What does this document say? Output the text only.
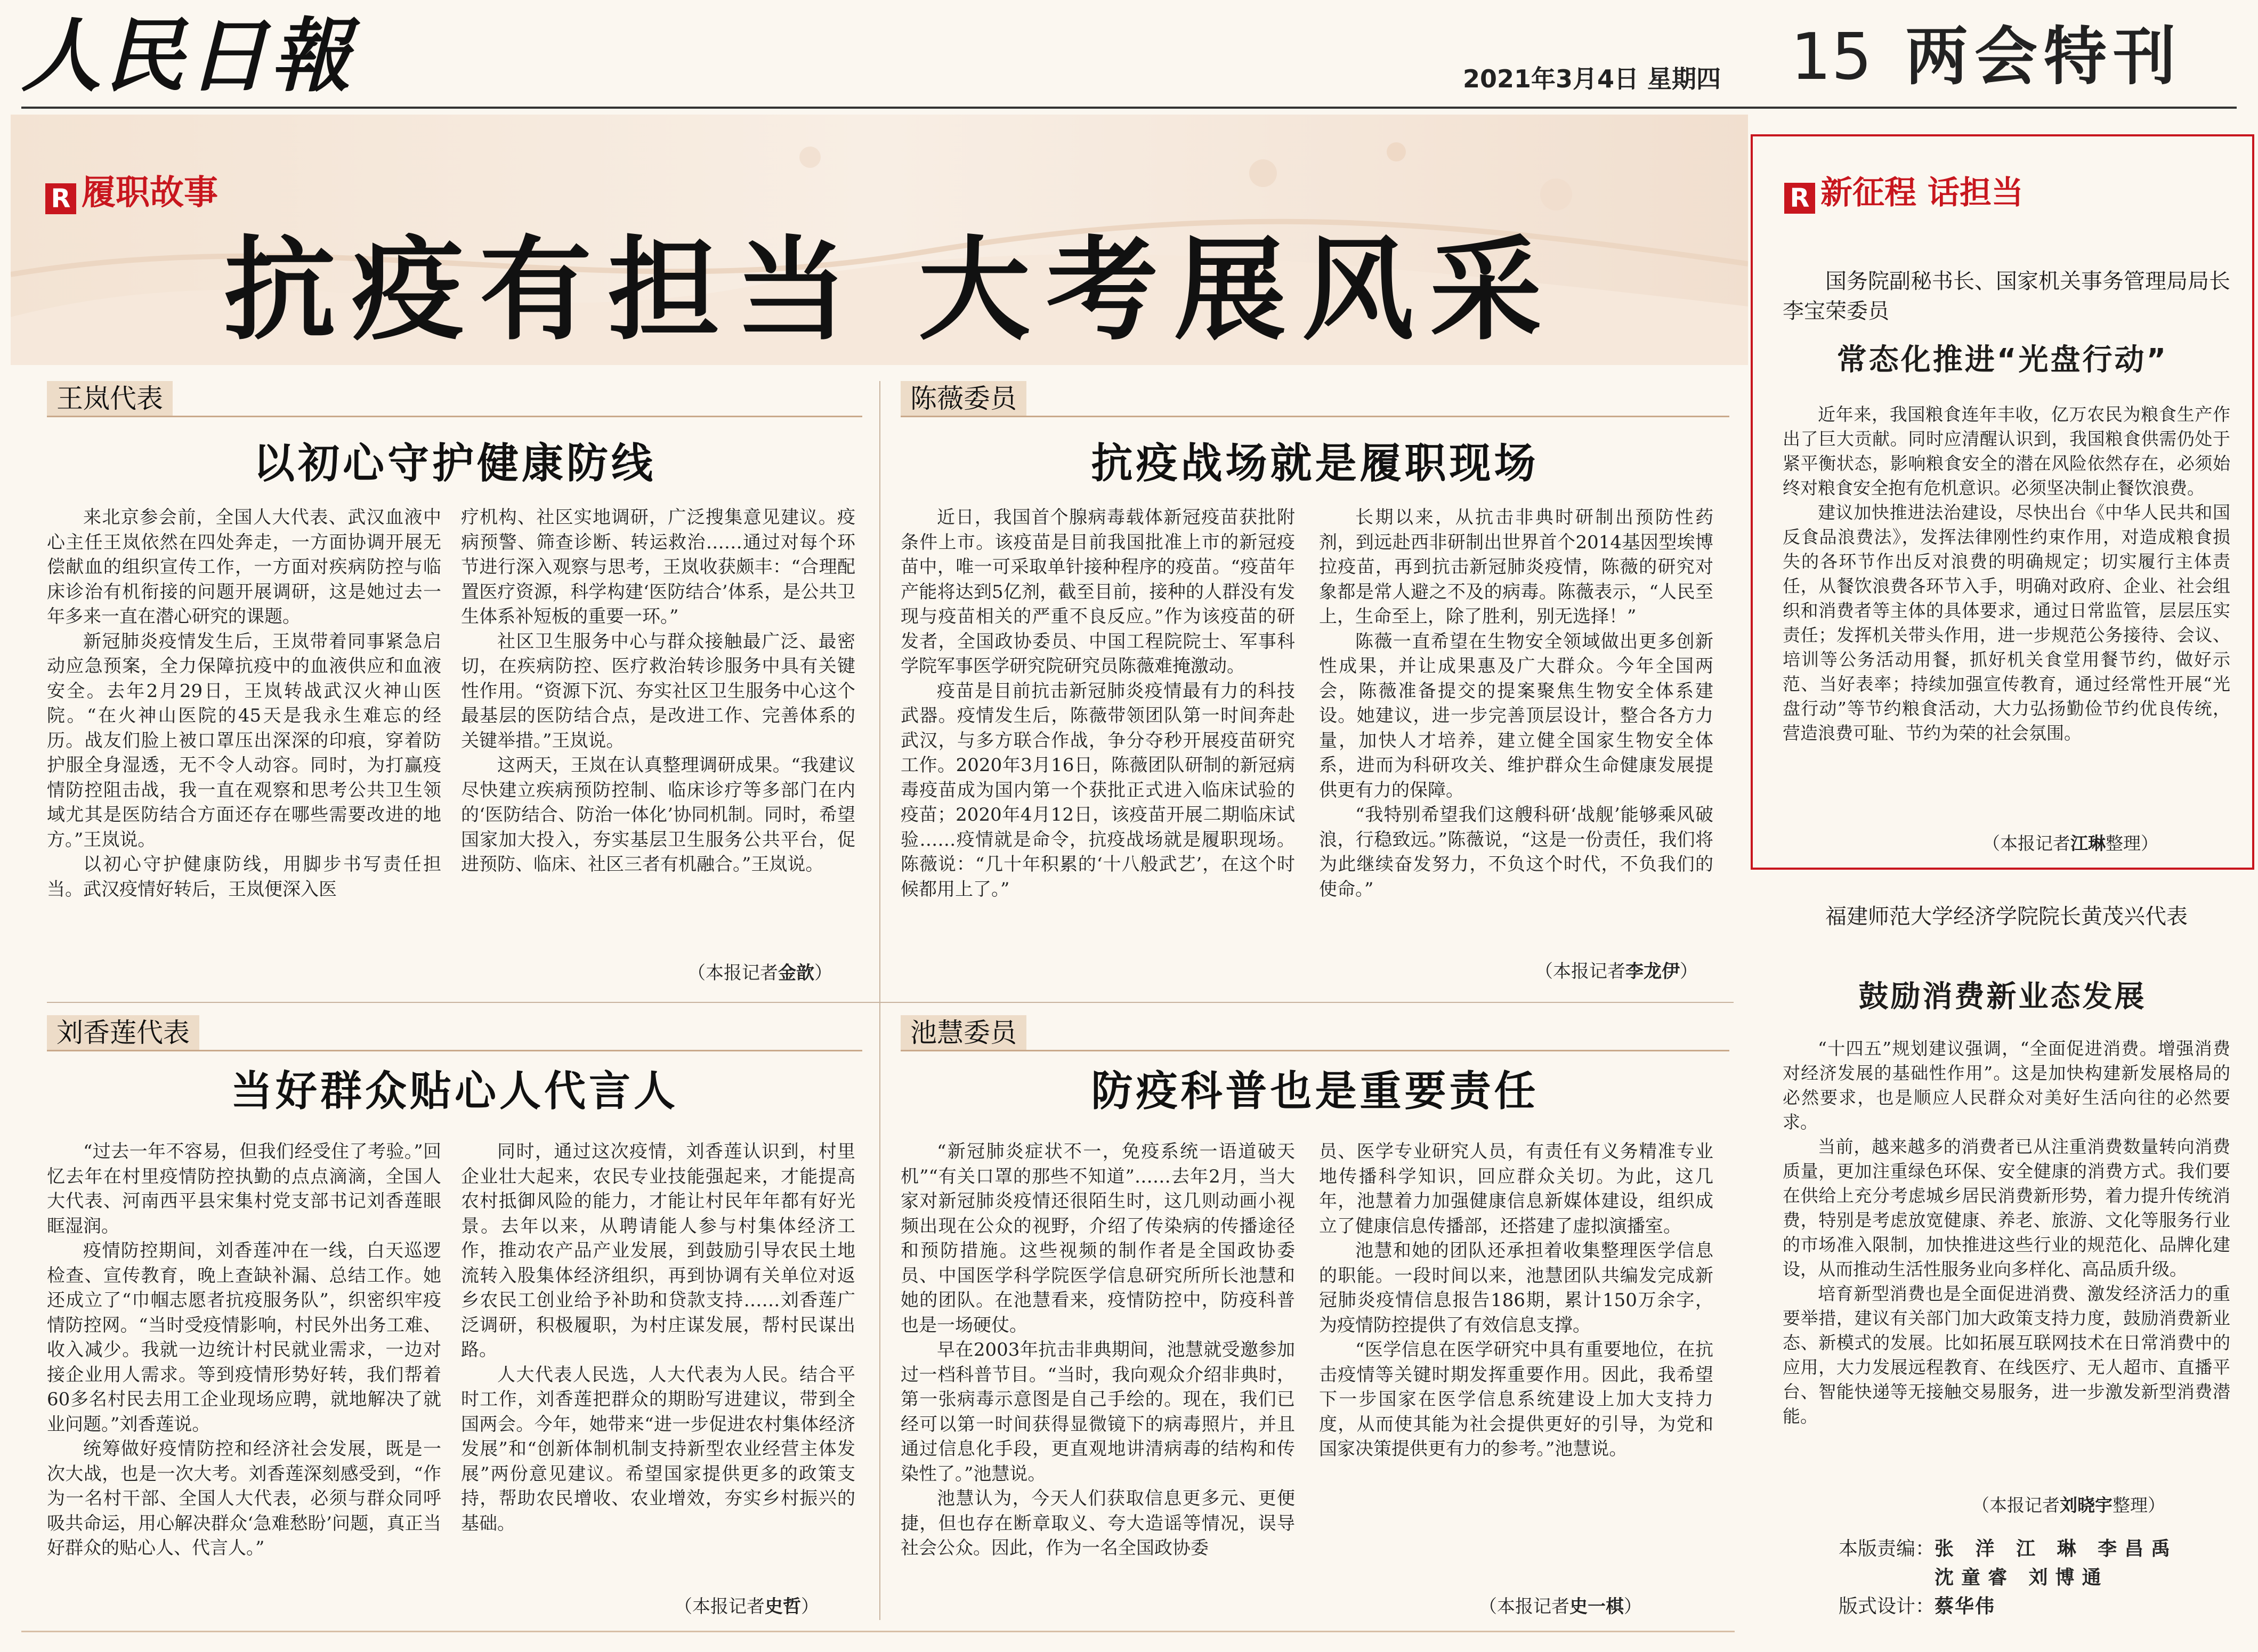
人民日報	2021年3月4日 星期四 15 两会特刊
R 履职故事
抗疫有担当 大考展风采
王岚代表
以初心守护健康防线

来北京参会前，全国人大代表、武汉血液中心主任王岚依然在四处奔走，一方面协调开展无偿献血的组织宣传工作，一方面对疾病防控与临床诊治有机衔接的问题开展调研，这是她过去一年多来一直在潜心研究的课题。

新冠肺炎疫情发生后，王岚带着同事紧急启动应急预案，全力保障抗疫中的血液供应和血液安全。去年2月29日，王岚转战武汉火神山医院。“在火神山医院的45天是我永生难忘的经历。战友们脸上被口罩压出深深的印痕，穿着防护服全身湿透，无不令人动容。同时，为打赢疫情防控阻击战，我一直在观察和思考公共卫生领域尤其是医防结合方面还存在哪些需要改进的地方。”王岚说。

以初心守护健康防线，用脚步书写责任担当。武汉疫情好转后，王岚便深入医

疗机构、社区实地调研，广泛搜集意见建议。疫病预警、筛查诊断、转运救治……通过对每个环节进行深入观察与思考，王岚收获颇丰：“合理配置医疗资源，科学构建‘医防结合’体系，是公共卫生体系补短板的重要一环。”

社区卫生服务中心与群众接触最广泛、最密切，在疾病防控、医疗救治转诊服务中具有关键性作用。“资源下沉、夯实社区卫生服务中心这个最基层的医防结合点，是改进工作、完善体系的关键举措。”王岚说。

这两天，王岚在认真整理调研成果。“我建议尽快建立疾病预防控制、临床诊疗等多部门在内的‘医防结合、防治一体化’协同机制。同时，希望国家加大投入，夯实基层卫生服务公共平台，促进预防、临床、社区三者有机融合。”王岚说。

（本报记者金歆）
陈薇委员
抗疫战场就是履职现场

近日，我国首个腺病毒载体新冠疫苗获批附条件上市。该疫苗是目前我国批准上市的新冠疫苗中，唯一可采取单针接种程序的疫苗。“疫苗年产能将达到5亿剂，截至目前，接种的人群没有发现与疫苗相关的严重不良反应。”作为该疫苗的研发者，全国政协委员、中国工程院院士、军事科学院军事医学研究院研究员陈薇难掩激动。

疫苗是目前抗击新冠肺炎疫情最有力的科技武器。疫情发生后，陈薇带领团队第一时间奔赴武汉，与多方联合作战，争分夺秒开展疫苗研究工作。2020年3月16日，陈薇团队研制的新冠病毒疫苗成为国内第一个获批正式进入临床试验的疫苗；2020年4月12日，该疫苗开展二期临床试验……疫情就是命令，抗疫战场就是履职现场。陈薇说：“几十年积累的‘十八般武艺’，在这个时候都用上了。”

长期以来，从抗击非典时研制出预防性药剂，到远赴西非研制出世界首个2014基因型埃博拉疫苗，再到抗击新冠肺炎疫情，陈薇的研究对象都是常人避之不及的病毒。陈薇表示，“人民至上，生命至上，除了胜利，别无选择！”

陈薇一直希望在生物安全领域做出更多创新性成果，并让成果惠及广大群众。今年全国两会，陈薇准备提交的提案聚焦生物安全体系建设。她建议，进一步完善顶层设计，整合各方力量，加快人才培养，建立健全国家生物安全体系，进而为科研攻关、维护群众生命健康发展提供更有力的保障。

“我特别希望我们这艘科研‘战舰’能够乘风破浪，行稳致远。”陈薇说，“这是一份责任，我们将为此继续奋发努力，不负这个时代，不负我们的使命。”

（本报记者李龙伊）
刘香莲代表
当好群众贴心人代言人

“过去一年不容易，但我们经受住了考验。”回忆去年在村里疫情防控执勤的点点滴滴，全国人大代表、河南西平县宋集村党支部书记刘香莲眼眶湿润。

疫情防控期间，刘香莲冲在一线，白天巡逻检查、宣传教育，晚上查缺补漏、总结工作。她还成立了“巾帼志愿者抗疫服务队”，织密织牢疫情防控网。“当时受疫情影响，村民外出务工难、收入减少。我就一边统计村民就业需求，一边对接企业用人需求。等到疫情形势好转，我们帮着60多名村民去用工企业现场应聘，就地解决了就业问题。”刘香莲说。

统筹做好疫情防控和经济社会发展，既是一次大战，也是一次大考。刘香莲深刻感受到，“作为一名村干部、全国人大代表，必须与群众同呼吸共命运，用心解决群众‘急难愁盼’问题，真正当好群众的贴心人、代言人。”

同时，通过这次疫情，刘香莲认识到，村里企业壮大起来，农民专业技能强起来，才能提高农村抵御风险的能力，才能让村民年年都有好光景。去年以来，从聘请能人参与村集体经济工作，推动农产品产业发展，到鼓励引导农民土地流转入股集体经济组织，再到协调有关单位对返乡农民工创业给予补助和贷款支持……刘香莲广泛调研，积极履职，为村庄谋发展，帮村民谋出路。

人大代表人民选，人大代表为人民。结合平时工作，刘香莲把群众的期盼写进建议，带到全国两会。今年，她带来“进一步促进农村集体经济发展”和“创新体制机制支持新型农业经营主体发展”两份意见建议。希望国家提供更多的政策支持，帮助农民增收、农业增效，夯实乡村振兴的基础。

（本报记者史哲）
池慧委员
防疫科普也是重要责任

“新冠肺炎症状不一，免疫系统一语道破天机”“有关口罩的那些不知道”……去年2月，当大家对新冠肺炎疫情还很陌生时，这几则动画小视频出现在公众的视野，介绍了传染病的传播途径和预防措施。这些视频的制作者是全国政协委员、中国医学科学院医学信息研究所所长池慧和她的团队。在池慧看来，疫情防控中，防疫科普也是一场硬仗。

早在2003年抗击非典期间，池慧就受邀参加过一档科普节目。“当时，我向观众介绍非典时，第一张病毒示意图是自己手绘的。现在，我们已经可以第一时间获得显微镜下的病毒照片，并且通过信息化手段，更直观地讲清病毒的结构和传染性了。”池慧说。

池慧认为，今天人们获取信息更多元、更便捷，但也存在断章取义、夸大造谣等情况，误导社会公众。因此，作为一名全国政协委

员、医学专业研究人员，有责任有义务精准专业地传播科学知识，回应群众关切。为此，这几年，池慧着力加强健康信息新媒体建设，组织成立了健康信息传播部，还搭建了虚拟演播室。

池慧和她的团队还承担着收集整理医学信息的职能。一段时间以来，池慧团队共编发完成新冠肺炎疫情信息报告186期，累计150万余字，为疫情防控提供了有效信息支撑。

“医学信息在医学研究中具有重要地位，在抗击疫情等关键时期发挥重要作用。因此，我希望下一步国家在医学信息系统建设上加大支持力度，从而使其能为社会提供更好的引导，为党和国家决策提供更有力的参考。”池慧说。

（本报记者史一棋）
R 新征程 话担当
国务院副秘书长、国家机关事务管理局局长李宝荣委员
常态化推进“光盘行动”

近年来，我国粮食连年丰收，亿万农民为粮食生产作出了巨大贡献。同时应清醒认识到，我国粮食供需仍处于紧平衡状态，影响粮食安全的潜在风险依然存在，必须始终对粮食安全抱有危机意识。必须坚决制止餐饮浪费。

建议加快推进法治建设，尽快出台《中华人民共和国反食品浪费法》，发挥法律刚性约束作用，对造成粮食损失的各环节作出反对浪费的明确规定；切实履行主体责任，从餐饮浪费各环节入手，明确对政府、企业、社会组织和消费者等主体的具体要求，通过日常监管，层层压实责任；发挥机关带头作用，进一步规范公务接待、会议、培训等公务活动用餐，抓好机关食堂用餐节约，做好示范、当好表率；持续加强宣传教育，通过经常性开展“光盘行动”等节约粮食活动，大力弘扬勤俭节约优良传统，营造浪费可耻、节约为荣的社会氛围。

（本报记者江琳整理）
福建师范大学经济学院院长黄茂兴代表
鼓励消费新业态发展

“十四五”规划建议强调，“全面促进消费。增强消费对经济发展的基础性作用”。这是加快构建新发展格局的必然要求，也是顺应人民群众对美好生活向往的必然要求。

当前，越来越多的消费者已从注重消费数量转向消费质量，更加注重绿色环保、安全健康的消费方式。我们要在供给上充分考虑城乡居民消费新形势，着力提升传统消费，特别是考虑放宽健康、养老、旅游、文化等服务行业的市场准入限制，加快推进这些行业的规范化、品牌化建设，从而推动生活性服务业向多样化、高品质升级。

培育新型消费也是全面促进消费、激发经济活力的重要举措，建议有关部门加大政策支持力度，鼓励消费新业态、新模式的发展。比如拓展互联网技术在日常消费中的应用，大力发展远程教育、在线医疗、无人超市、直播平台、智能快递等无接触交易服务，进一步激发新型消费潜能。

（本报记者刘晓宇整理）
本版责编：张 洋 江 琳 李昌禹
沈童睿 刘博通
版式设计：蔡华伟
